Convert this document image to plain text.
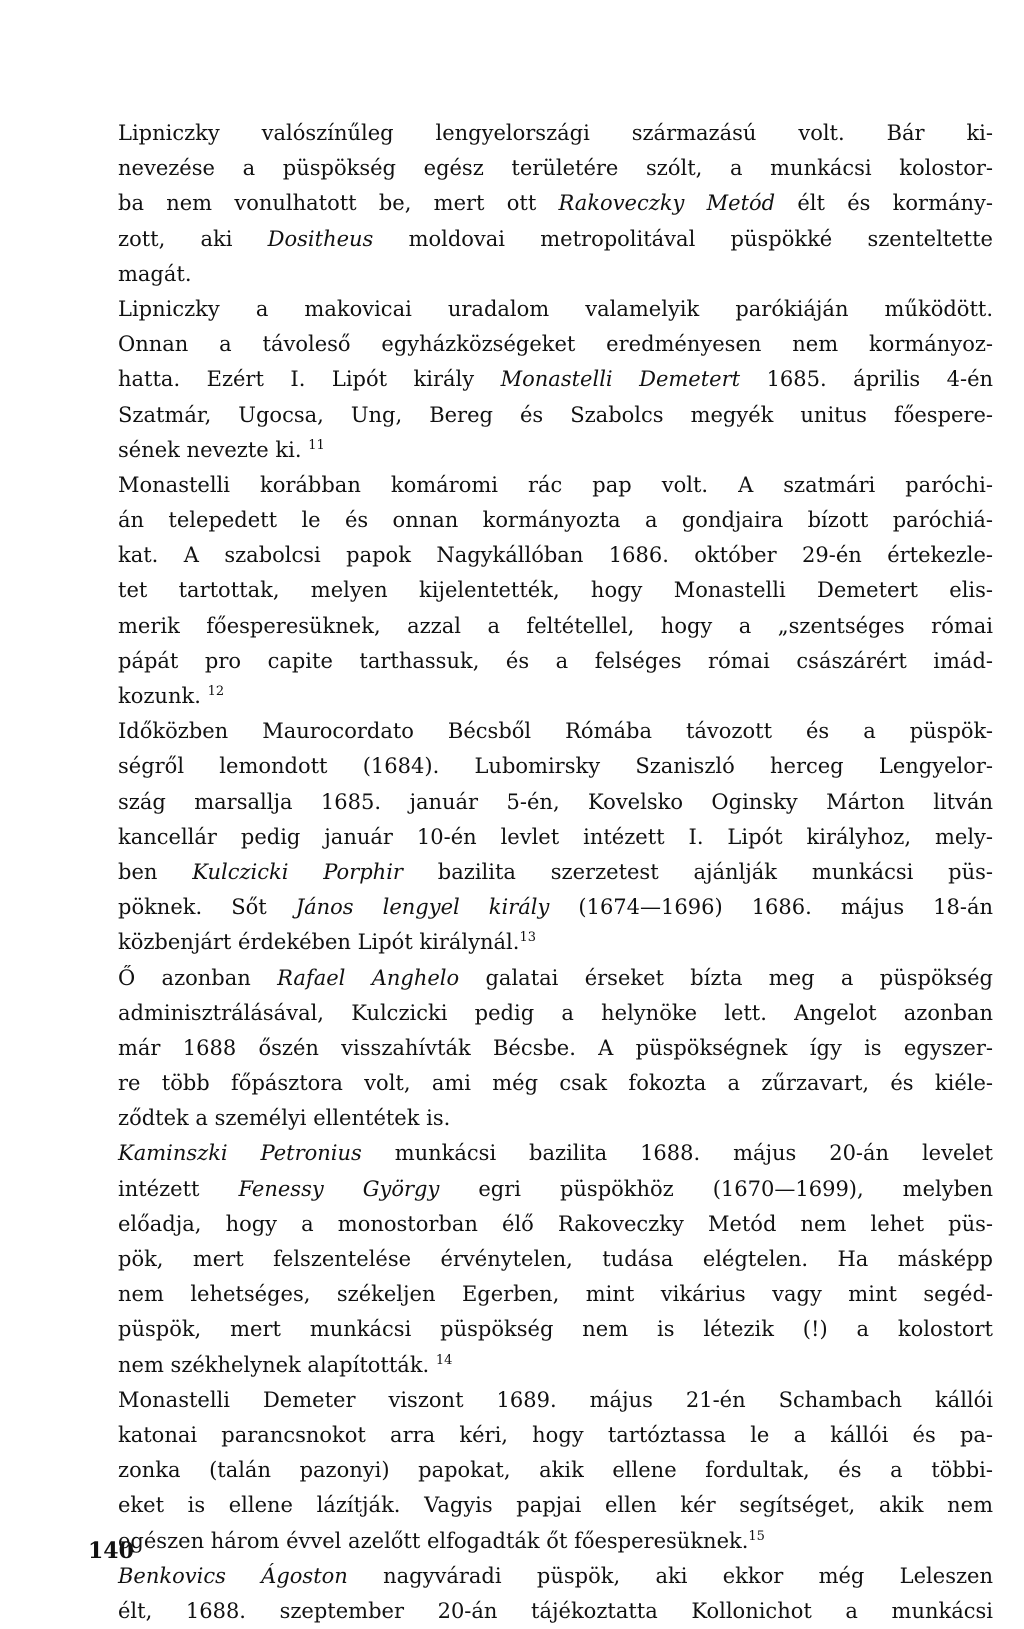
Lipniczky valószínűleg lengyelországi származású volt. Bár ki-
nevezése a püspökség egész területére szólt, a munkácsi kolostor-
ba nem vonulhatott be, mert ott Rakoveczky Metód élt és kormány-
zott, aki Dositheus moldovai metropolitával püspökké szenteltette
magát.
Lipniczky a makovicai uradalom valamelyik parókiáján működött.
Onnan a távoleső egyházközségeket eredményesen nem kormányoz-
hatta. Ezért I. Lipót király Monastelli Demetert 1685. április 4-én
Szatmár, Ugocsa, Ung, Bereg és Szabolcs megyék unitus főespere-
sének nevezte ki. $^{11}$
Monastelli korábban komáromi rác pap volt. A szatmári paróchi-
án telepedett le és onnan kormányozta a gondjaira bízott paróchiá-
kat. A szabolcsi papok Nagykállóban 1686. október 29-én értekezle-
tet tartottak, melyen kijelentették, hogy Monastelli Demetert elis-
merik főesperesüknek, azzal a feltétellel, hogy a „szentséges római
pápát pro capite tarthassuk, és a felséges római császárért imád-
kozunk. $^{12}$
Időközben Maurocordato Bécsből Rómába távozott és a püspök-
ségről lemondott (1684). Lubomirsky Szaniszló herceg Lengyelor-
szág marsallja 1685. január 5-én, Kovelsko Oginsky Márton litván
kancellár pedig január 10-én levlet intézett I. Lipót királyhoz, mely-
ben Kulczicki Porphir bazilita szerzetest ajánlják munkácsi püs-
pöknek. Sőt János lengyel király (1674—1696) 1686. május 18-án
közbenjárt érdekében Lipót királynál.$^{13}$
Ő azonban Rafael Anghelo galatai érseket bízta meg a püspökség
adminisztrálásával, Kulczicki pedig a helynöke lett. Angelot azonban
már 1688 őszén visszahívták Bécsbe. A püspökségnek így is egyszer-
re több főpásztora volt, ami még csak fokozta a zűrzavart, és kiéle-
ződtek a személyi ellentétek is.
Kaminszki Petronius munkácsi bazilita 1688. május 20-án levelet
intézett Fenessy György egri püspökhöz (1670—1699), melyben
előadja, hogy a monostorban élő Rakoveczky Metód nem lehet püs-
pök, mert felszentelése érvénytelen, tudása elégtelen. Ha másképp
nem lehetséges, székeljen Egerben, mint vikárius vagy mint segéd-
püspök, mert munkácsi püspökség nem is létezik (!) a kolostort
nem székhelynek alapították. $^{14}$
Monastelli Demeter viszont 1689. május 21-én Schambach kállói
katonai parancsnokot arra kéri, hogy tartóztassa le a kállói és pa-
zonka (talán pazonyi) papokat, akik ellene fordultak, és a többi-
eket is ellene lázítják. Vagyis papjai ellen kér segítséget, akik nem
egészen három évvel azelőtt elfogadták őt főesperesüknek.$^{15}$
Benkovics Ágoston nagyváradi püspök, aki ekkor még Leleszen
élt, 1688. szeptember 20-án tájékoztatta Kollonichot a munkácsi
140
